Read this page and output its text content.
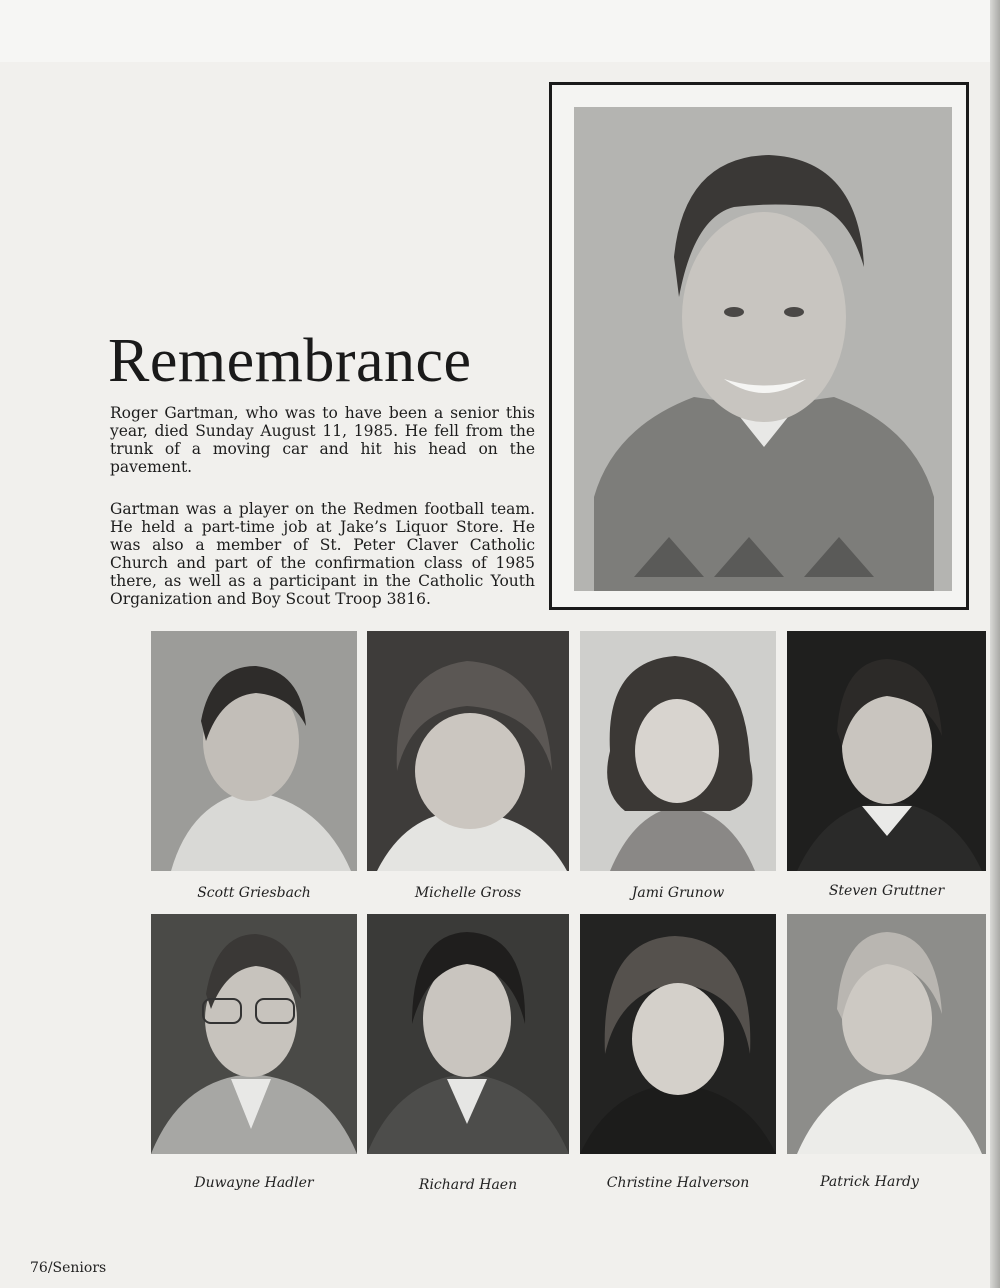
Remembrance

Roger Gartman, who was to have been a senior this year, died Sunday August 11, 1985. He fell from the trunk of a moving car and hit his head on the pavement.

Gartman was a player on the Redmen football team. He held a part-time job at Jake’s Liquor Store. He was also a member of St. Peter Claver Catholic Church and part of the confirmation class of 1985 there, as well as a participant in the Catholic Youth Organization and Boy Scout Troop 3816.

Scott Griesbach	Michelle Gross	Jami Grunow	Steven Gruttner

Duwayne Hadler	Richard Haen	Christine Halverson	Patrick Hardy

76/Seniors
